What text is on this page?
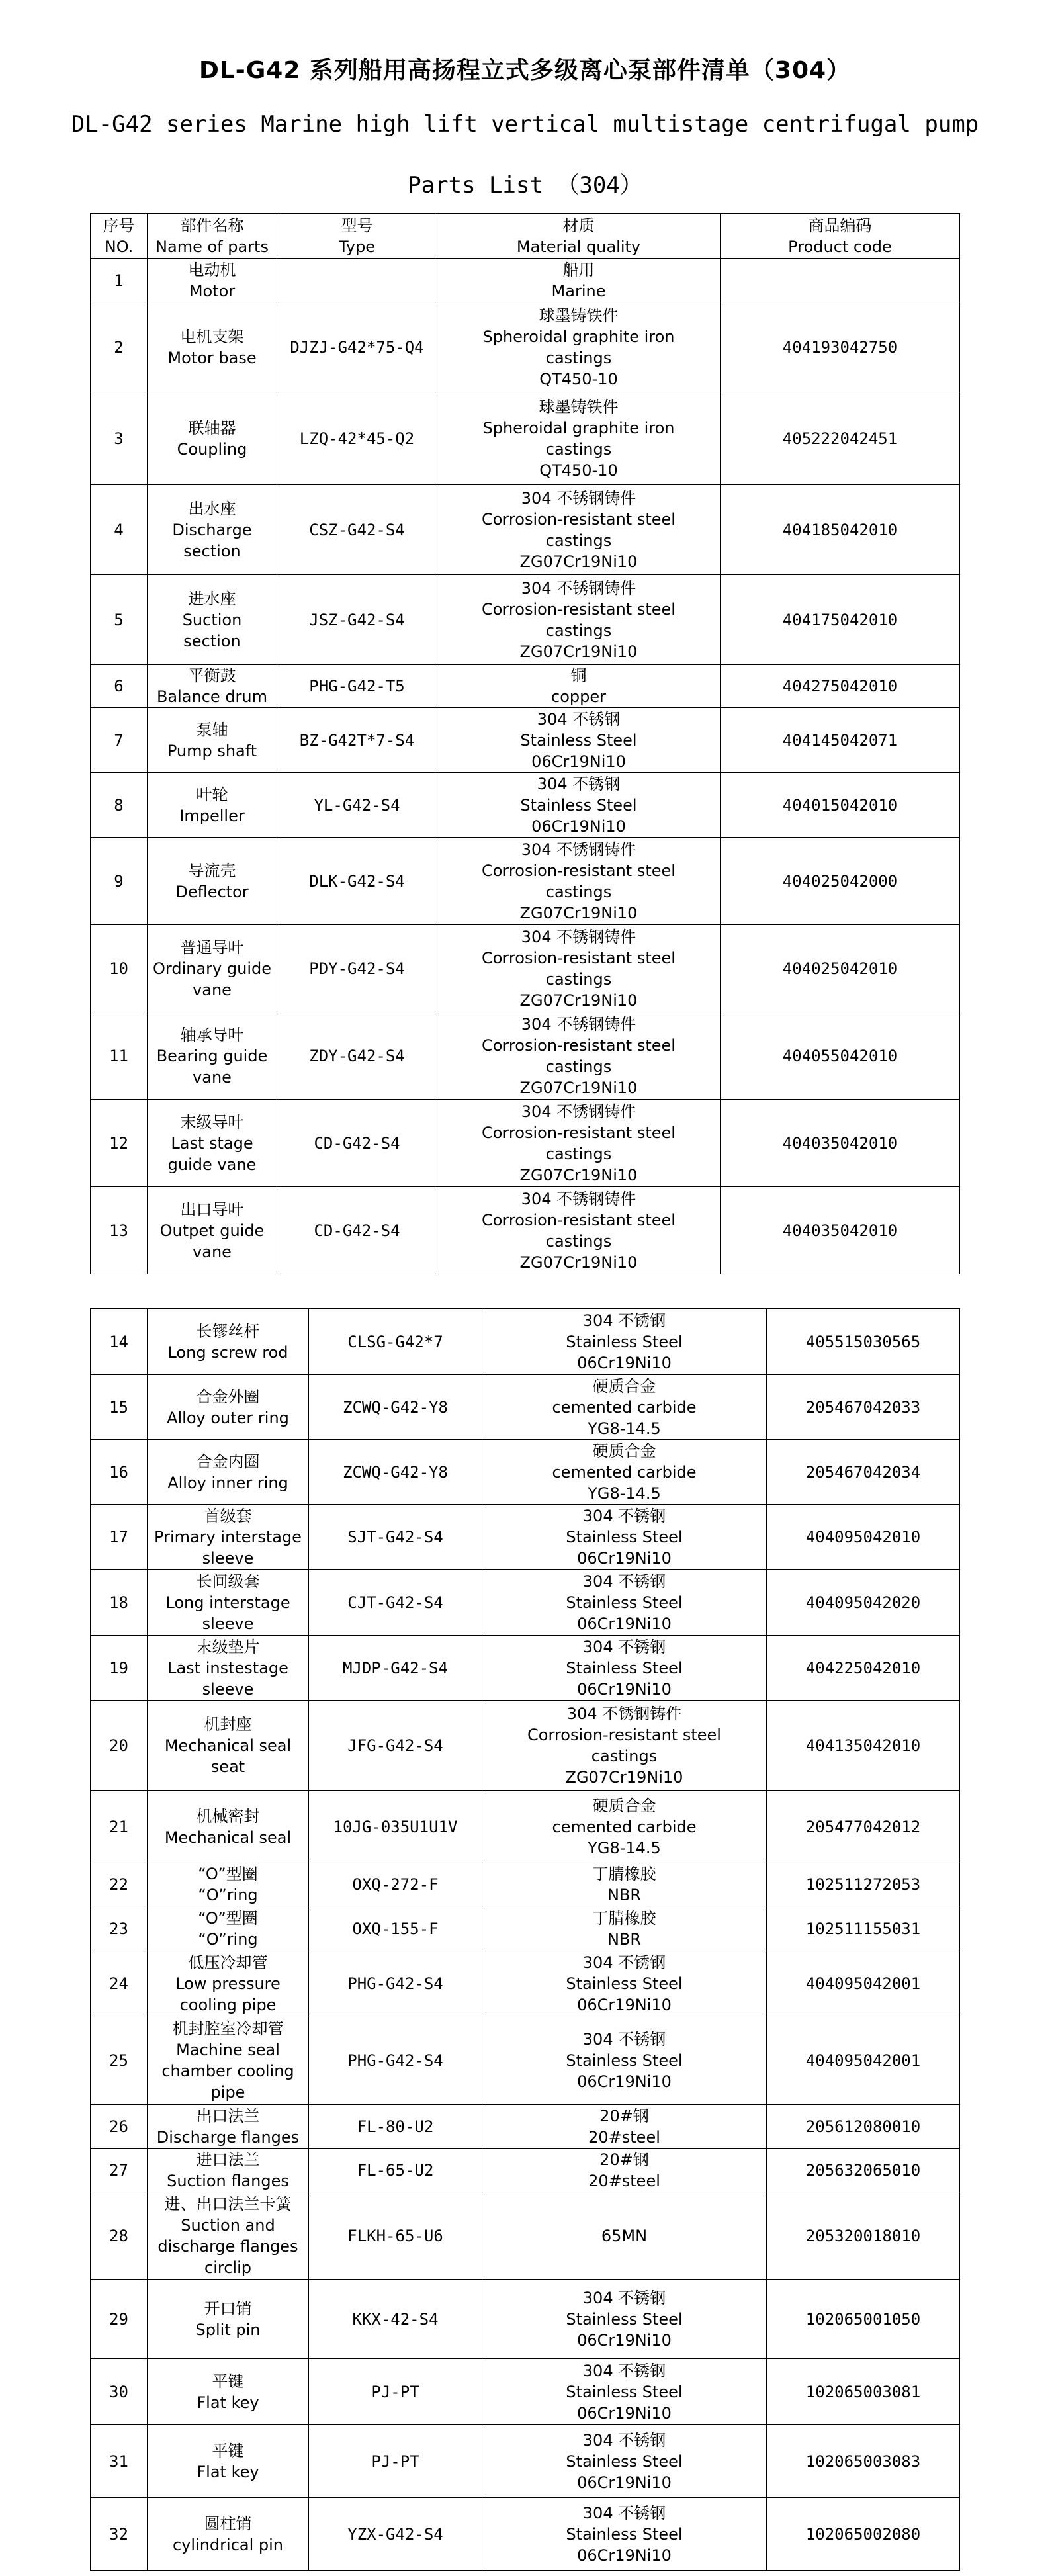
DL-G42 系列船用高扬程立式多级离心泵部件清单（304）
DL-G42 series Marine high lift vertical multistage centrifugal pump
Parts List （304）
序号
NO.	部件名称
Name of parts	型号
Type	材质
Material quality	商品编码
Product code
1	电动机
Motor		船用
Marine	
2	电机支架
Motor base	DJZJ-G42*75-Q4	球墨铸铁件
Spheroidal graphite iron
castings
QT450-10	404193042750
3	联轴器
Coupling	LZQ-42*45-Q2	球墨铸铁件
Spheroidal graphite iron
castings
QT450-10	405222042451
4	出水座
Discharge
section	CSZ-G42-S4	304 不锈钢铸件
Corrosion-resistant steel
castings
ZG07Cr19Ni10	404185042010
5	进水座
Suction
section	JSZ-G42-S4	304 不锈钢铸件
Corrosion-resistant steel
castings
ZG07Cr19Ni10	404175042010
6	平衡鼓
Balance drum	PHG-G42-T5	铜
copper	404275042010
7	泵轴
Pump shaft	BZ-G42T*7-S4	304 不锈钢
Stainless Steel
06Cr19Ni10	404145042071
8	叶轮
Impeller	YL-G42-S4	304 不锈钢
Stainless Steel
06Cr19Ni10	404015042010
9	导流壳
Deflector	DLK-G42-S4	304 不锈钢铸件
Corrosion-resistant steel
castings
ZG07Cr19Ni10	404025042000
10	普通导叶
Ordinary guide
vane	PDY-G42-S4	304 不锈钢铸件
Corrosion-resistant steel
castings
ZG07Cr19Ni10	404025042010
11	轴承导叶
Bearing guide
vane	ZDY-G42-S4	304 不锈钢铸件
Corrosion-resistant steel
castings
ZG07Cr19Ni10	404055042010
12	末级导叶
Last stage
guide vane	CD-G42-S4	304 不锈钢铸件
Corrosion-resistant steel
castings
ZG07Cr19Ni10	404035042010
13	出口导叶
Outpet guide
vane	CD-G42-S4	304 不锈钢铸件
Corrosion-resistant steel
castings
ZG07Cr19Ni10	404035042010
14	长镠丝杆
Long screw rod	CLSG-G42*7	304 不锈钢
Stainless Steel
06Cr19Ni10	405515030565
15	合金外圈
Alloy outer ring	ZCWQ-G42-Y8	硬质合金
cemented carbide
YG8-14.5	205467042033
16	合金内圈
Alloy inner ring	ZCWQ-G42-Y8	硬质合金
cemented carbide
YG8-14.5	205467042034
17	首级套
Primary interstage
sleeve	SJT-G42-S4	304 不锈钢
Stainless Steel
06Cr19Ni10	404095042010
18	长间级套
Long interstage
sleeve	CJT-G42-S4	304 不锈钢
Stainless Steel
06Cr19Ni10	404095042020
19	末级垫片
Last instestage
sleeve	MJDP-G42-S4	304 不锈钢
Stainless Steel
06Cr19Ni10	404225042010
20	机封座
Mechanical seal
seat	JFG-G42-S4	304 不锈钢铸件
Corrosion-resistant steel
castings
ZG07Cr19Ni10	404135042010
21	机械密封
Mechanical seal	10JG-035U1U1V	硬质合金
cemented carbide
YG8-14.5	205477042012
22	“O”型圈
“O”ring	OXQ-272-F	丁腈橡胶
NBR	102511272053
23	“O”型圈
“O”ring	OXQ-155-F	丁腈橡胶
NBR	102511155031
24	低压冷却管
Low pressure
cooling pipe	PHG-G42-S4	304 不锈钢
Stainless Steel
06Cr19Ni10	404095042001
25	机封腔室冷却管
Machine seal
chamber cooling
pipe	PHG-G42-S4	304 不锈钢
Stainless Steel
06Cr19Ni10	404095042001
26	出口法兰
Discharge flanges	FL-80-U2	20#钢
20#steel	205612080010
27	进口法兰
Suction flanges	FL-65-U2	20#钢
20#steel	205632065010
28	进、出口法兰卡簧
Suction and
discharge flanges
circlip	FLKH-65-U6	65MN	205320018010
29	开口销
Split pin	KKX-42-S4	304 不锈钢
Stainless Steel
06Cr19Ni10	102065001050
30	平键
Flat key	PJ-PT	304 不锈钢
Stainless Steel
06Cr19Ni10	102065003081
31	平键
Flat key	PJ-PT	304 不锈钢
Stainless Steel
06Cr19Ni10	102065003083
32	圆柱销
cylindrical pin	YZX-G42-S4	304 不锈钢
Stainless Steel
06Cr19Ni10	102065002080
